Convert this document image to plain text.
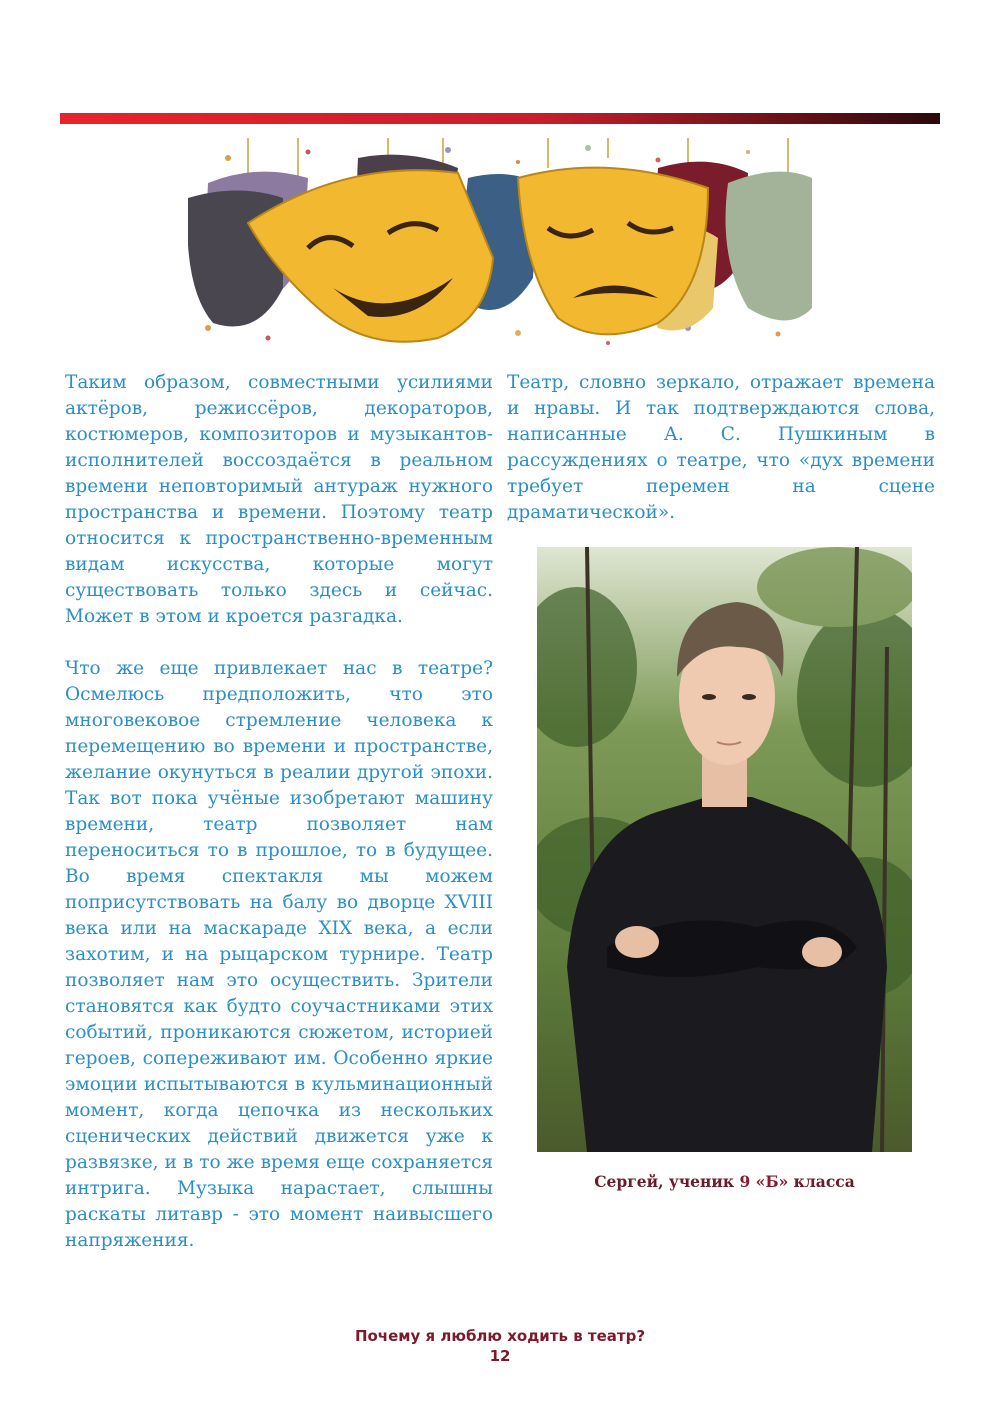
Таким образом, совместными усилиями актёров, режиссёров, декораторов, костюмеров, композиторов и музыкантов-исполнителей воссоздаётся в реальном времени неповторимый антураж нужного пространства и времени. Поэтому театр относится к пространственно-временным видам искусства, которые могут существовать только здесь и сейчас. Может в этом и кроется разгадка.

Что же еще привлекает нас в театре? Осмелюсь предположить, что это многовековое стремление человека к перемещению во времени и пространстве, желание окунуться в реалии другой эпохи. Так вот пока учёные изобретают машину времени, театр позволяет нам переноситься то в прошлое, то в будущее. Во время спектакля мы можем поприсутствовать на балу во дворце XVIII века или на маскараде XIX века, а если захотим, и на рыцарском турнире. Театр позволяет нам это осуществить. Зрители становятся как будто соучастниками этих событий, проникаются сюжетом, историей героев, сопереживают им. Особенно яркие эмоции испытываются в кульминационный момент, когда цепочка из нескольких сценических действий движется уже к развязке, и в то же время еще сохраняется интрига. Музыка нарастает, слышны раскаты литавр - это момент наивысшего напряжения.

Театр, словно зеркало, отражает времена и нравы. И так подтверждаются слова, написанные А. С. Пушкиным в рассуждениях о театре, что «дух времени требует перемен на сцене драматической».

Сергей, ученик 9 «Б» класса
Почему я люблю ходить в театр?
12
